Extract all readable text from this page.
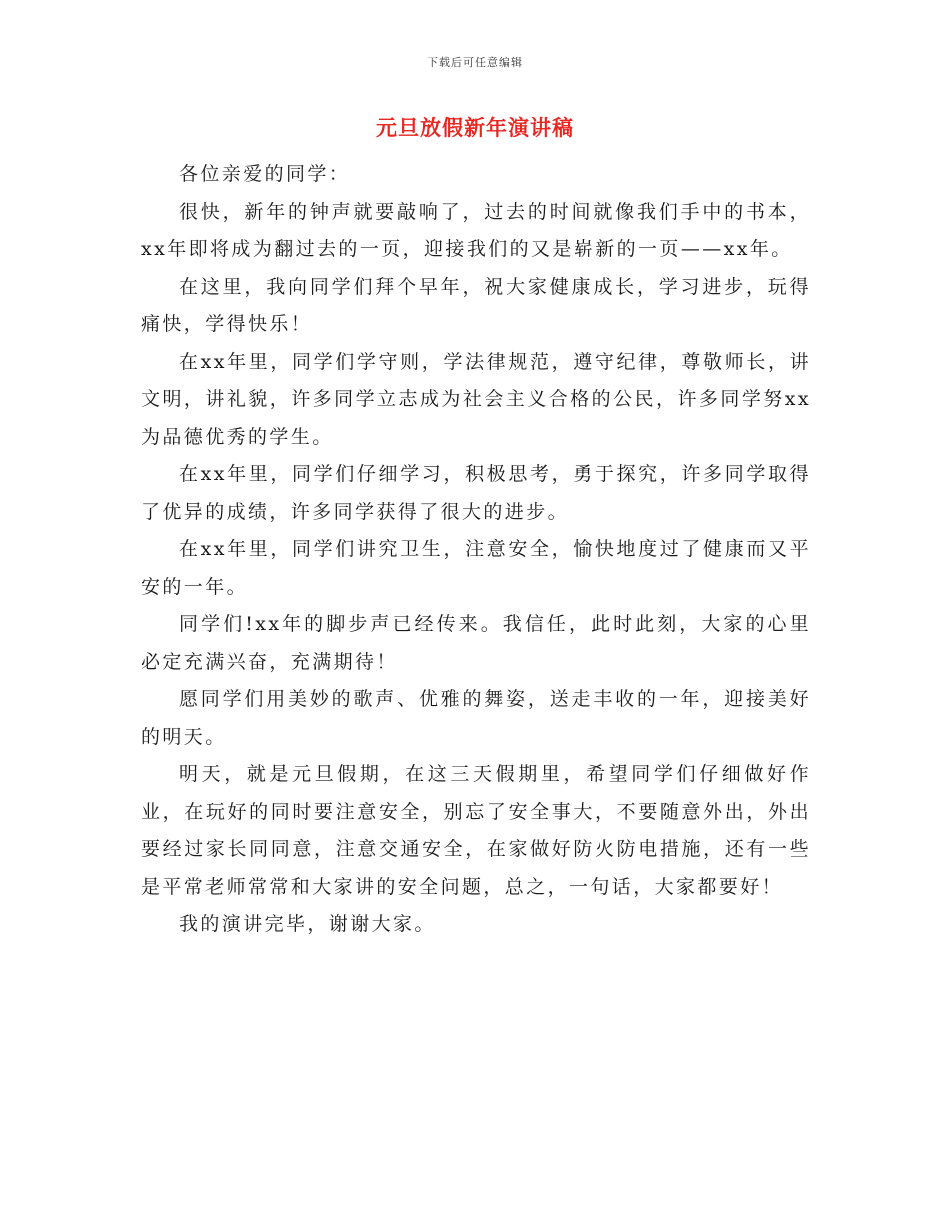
下载后可任意编辑
元旦放假新年演讲稿

各位亲爱的同学：

很快，新年的钟声就要敲响了，过去的时间就像我们手中的书本，xx年即将成为翻过去的一页，迎接我们的又是崭新的一页——xx年。

在这里，我向同学们拜个早年，祝大家健康成长，学习进步，玩得痛快，学得快乐！

在xx年里，同学们学守则，学法律规范，遵守纪律，尊敬师长，讲文明，讲礼貌，许多同学立志成为社会主义合格的公民，许多同学努xx为品德优秀的学生。

在xx年里，同学们仔细学习，积极思考，勇于探究，许多同学取得了优异的成绩，许多同学获得了很大的进步。

在xx年里，同学们讲究卫生，注意安全，愉快地度过了健康而又平安的一年。

同学们!xx年的脚步声已经传来。我信任，此时此刻，大家的心里必定充满兴奋，充满期待！

愿同学们用美妙的歌声、优雅的舞姿，送走丰收的一年，迎接美好的明天。

明天，就是元旦假期，在这三天假期里，希望同学们仔细做好作业，在玩好的同时要注意安全，别忘了安全事大，不要随意外出，外出要经过家长同同意，注意交通安全，在家做好防火防电措施，还有一些是平常老师常常和大家讲的安全问题，总之，一句话，大家都要好！

我的演讲完毕，谢谢大家。
